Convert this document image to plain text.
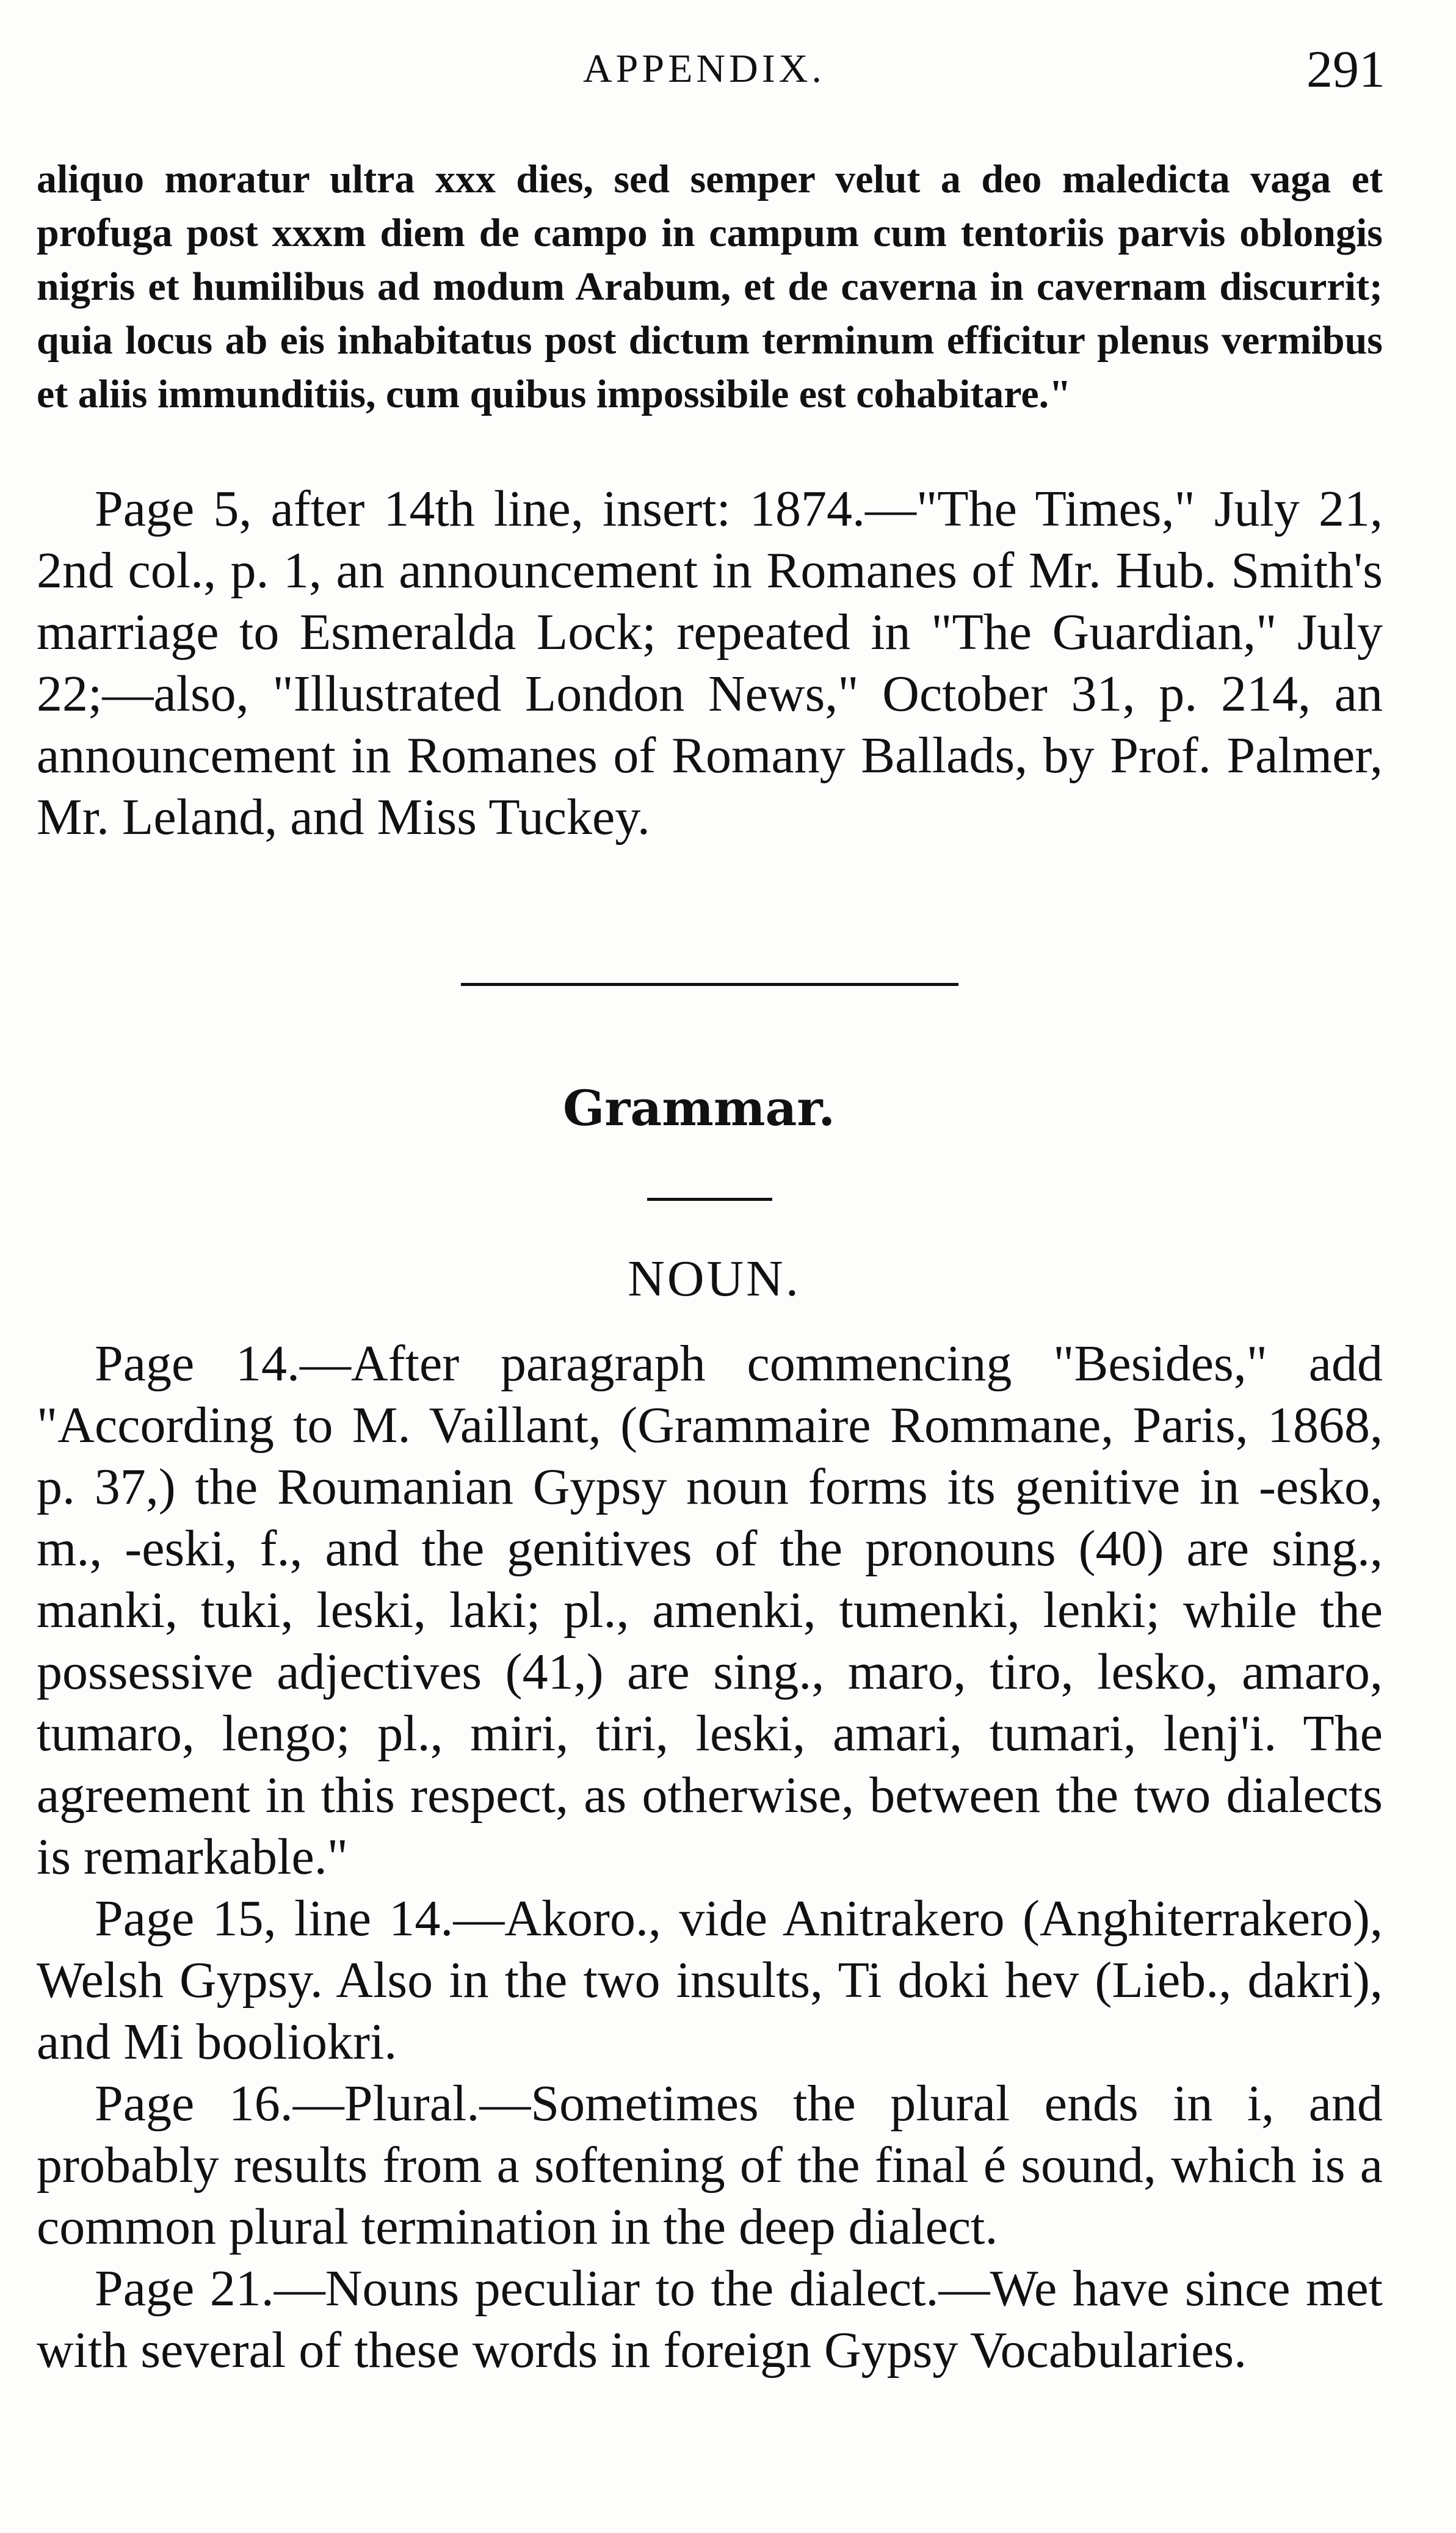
APPENDIX.	291

aliquo moratur ultra xxx dies, sed semper velut a deo maledicta vaga et profuga post xxxm diem de campo in campum cum tentoriis parvis oblongis nigris et humilibus ad modum Arabum, et de caverna in cavernam discurrit; quia locus ab eis inhabitatus post dictum terminum efficitur plenus vermibus et aliis immunditiis, cum quibus impossibile est cohabitare."

Page 5, after 14th line, insert: 1874.—"The Times," July 21, 2nd col., p. 1, an announcement in Romanes of Mr. Hub. Smith's marriage to Esmeralda Lock; repeated in "The Guardian," July 22;—also, "Illustrated London News," October 31, p. 214, an announcement in Romanes of Romany Ballads, by Prof. Palmer, Mr. Leland, and Miss Tuckey.

Grammar.
NOUN.

Page 14.—After paragraph commencing "Besides," add "According to M. Vaillant, (Grammaire Rommane, Paris, 1868, p. 37,) the Roumanian Gypsy noun forms its genitive in -esko, m., -eski, f., and the genitives of the pronouns (40) are sing., manki, tuki, leski, laki; pl., amenki, tumenki, lenki; while the possessive adjectives (41,) are sing., maro, tiro, lesko, amaro, tumaro, lengo; pl., miri, tiri, leski, amari, tumari, lenj'i. The agreement in this respect, as otherwise, between the two dialects is remarkable."

Page 15, line 14.—Akoro., vide Anitrakero (Anghiterrakero), Welsh Gypsy. Also in the two insults, Ti doki hev (Lieb., dakri), and Mi booliokri.

Page 16.—Plural.—Sometimes the plural ends in i, and probably results from a softening of the final é sound, which is a common plural termination in the deep dialect.

Page 21.—Nouns peculiar to the dialect.—We have since met with several of these words in foreign Gypsy Vocabularies.
